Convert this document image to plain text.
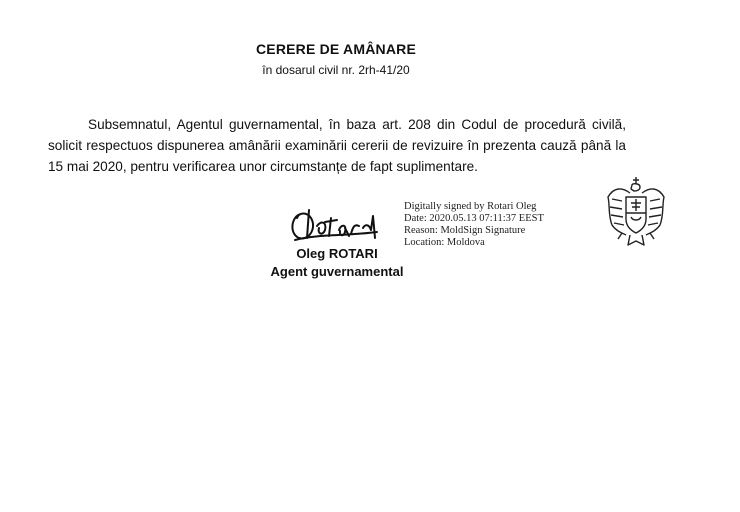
CERERE DE AMÂNARE
în dosarul civil nr. 2rh-41/20

Subsemnatul, Agentul guvernamental, în baza art. 208 din Codul de procedură civilă, solicit respectuos dispunerea amânării examinării cererii de revizuire în prezenta cauză până la 15 mai 2020, pentru verificarea unor circumstanțe de fapt suplimentare.

Oleg ROTARI
Agent guvernamental
Digitally signed by Rotari Oleg
Date: 2020.05.13 07:11:37 EEST
Reason: MoldSign Signature
Location: Moldova
